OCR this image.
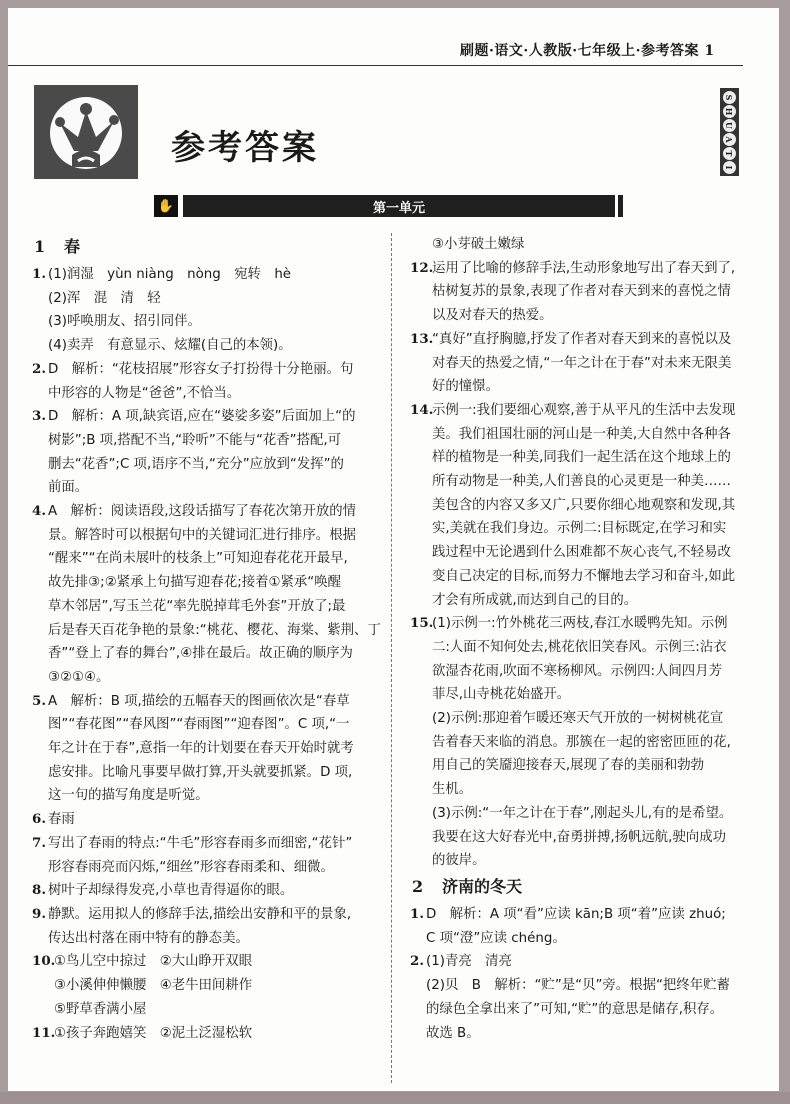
刷题·语文·人教版·七年级上·参考答案 1
参考答案
S
H
U
A
T
I
✋	第一单元
1 春
1. (1)润湿　yùn niàng　nòng　宛转　hè
(2)浑　混　清　轻
(3)呼唤朋友、招引同伴。
(4)卖弄　有意显示、炫耀(自己的本领)。
2. D　解析：“花枝招展”形容女子打扮得十分艳丽。句
中形容的人物是“爸爸”,不恰当。
3. D　解析：A 项,缺宾语,应在“婆娑多姿”后面加上“的
树影”;B 项,搭配不当,“聆听”不能与“花香”搭配,可
删去“花香”;C 项,语序不当,“充分”应放到“发挥”的
前面。
4. A　解析：阅读语段,这段话描写了春花次第开放的情
景。解答时可以根据句中的关键词汇进行排序。根据
“醒来”“在尚未展叶的枝条上”可知迎春花花开最早,
故先排③;②紧承上句描写迎春花;接着①紧承“唤醒
草木邻居”,写玉兰花“率先脱掉茸毛外套”开放了;最
后是春天百花争艳的景象:“桃花、樱花、海棠、紫荆、丁
香”“登上了春的舞台”,④排在最后。故正确的顺序为
③②①④。
5. A　解析：B 项,描绘的五幅春天的图画依次是“春草
图”“春花图”“春风图”“春雨图”“迎春图”。C 项,“一
年之计在于春”,意指一年的计划要在春天开始时就考
虑安排。比喻凡事要早做打算,开头就要抓紧。D 项,
这一句的描写角度是听觉。
6. 春雨
7. 写出了春雨的特点:“牛毛”形容春雨多而细密,“花针”
形容春雨亮而闪烁,“细丝”形容春雨柔和、细微。
8. 树叶子却绿得发亮,小草也青得逼你的眼。
9. 静默。运用拟人的修辞手法,描绘出安静和平的景象,
传达出村落在雨中特有的静态美。
10.
①鸟儿空中掠过　②大山睁开双眼
③小溪伸伸懒腰　④老牛田间耕作
⑤野草香满小屋
11.
①孩子奔跑嬉笑　②泥土泛湿松软
③小芽破土嫩绿
12.
运用了比喻的修辞手法,生动形象地写出了春天到了,
枯树复苏的景象,表现了作者对春天到来的喜悦之情
以及对春天的热爱。
13.
“真好”直抒胸臆,抒发了作者对春天到来的喜悦以及
对春天的热爱之情,“一年之计在于春”对未来无限美
好的憧憬。
14.
示例一:我们要细心观察,善于从平凡的生活中去发现
美。我们祖国壮丽的河山是一种美,大自然中各种各
样的植物是一种美,同我们一起生活在这个地球上的
所有动物是一种美,人们善良的心灵更是一种美……
美包含的内容又多又广,只要你细心地观察和发现,其
实,美就在我们身边。示例二:目标既定,在学习和实
践过程中无论遇到什么困难都不灰心丧气,不轻易改
变自己决定的目标,而努力不懈地去学习和奋斗,如此
才会有所成就,而达到自己的目的。
15.
(1)示例一:竹外桃花三两枝,春江水暖鸭先知。示例
二:人面不知何处去,桃花依旧笑春风。示例三:沾衣
欲湿杏花雨,吹面不寒杨柳风。示例四:人间四月芳
菲尽,山寺桃花始盛开。
(2)示例:那迎着乍暖还寒天气开放的一树树桃花宣
告着春天来临的消息。那簇在一起的密密匝匝的花,
用自己的笑靥迎接春天,展现了春的美丽和勃勃
生机。
(3)示例:“一年之计在于春”,刚起头儿,有的是希望。
我要在这大好春光中,奋勇拼搏,扬帆远航,驶向成功
的彼岸。
2 济南的冬天
1. D　解析：A 项“看”应读 kān;B 项“着”应读 zhuó;
C 项“澄”应读 chéng。
2. (1)青亮　清亮
(2)贝　B　解析：“贮”是“贝”旁。根据“把终年贮蓄
的绿色全拿出来了”可知,“贮”的意思是储存,积存。
故选 B。
